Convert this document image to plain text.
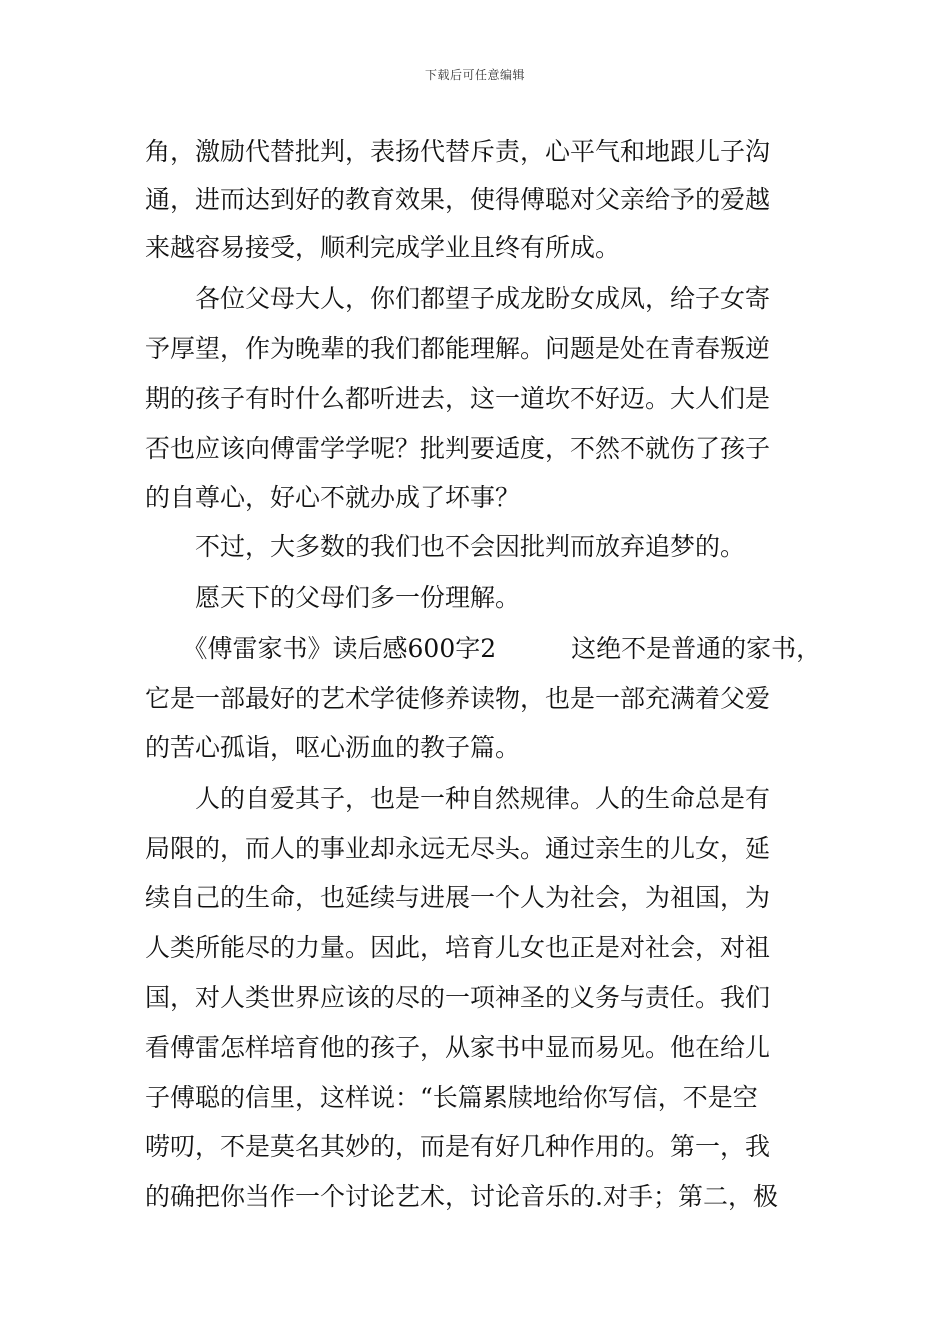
下载后可任意编辑
角，激励代替批判，表扬代替斥责，心平气和地跟儿子沟
通，进而达到好的教育效果，使得傅聪对父亲给予的爱越
来越容易接受，顺利完成学业且终有所成。
　　各位父母大人，你们都望子成龙盼女成凤，给子女寄
予厚望，作为晚辈的我们都能理解。问题是处在青春叛逆
期的孩子有时什么都听进去，这一道坎不好迈。大人们是
否也应该向傅雷学学呢？批判要适度，不然不就伤了孩子
的自尊心，好心不就办成了坏事？
　　不过，大多数的我们也不会因批判而放弃追梦的。
　　愿天下的父母们多一份理解。
　　《傅雷家书》读后感600字2　　　这绝不是普通的家书，
它是一部最好的艺术学徒修养读物，也是一部充满着父爱
的苦心孤诣，呕心沥血的教子篇。
　　人的自爱其子，也是一种自然规律。人的生命总是有
局限的，而人的事业却永远无尽头。通过亲生的儿女，延
续自己的生命，也延续与进展一个人为社会，为祖国，为
人类所能尽的力量。因此，培育儿女也正是对社会，对祖
国，对人类世界应该的尽的一项神圣的义务与责任。我们
看傅雷怎样培育他的孩子，从家书中显而易见。他在给儿
子傅聪的信里，这样说：“长篇累牍地给你写信，不是空
唠叨，不是莫名其妙的，而是有好几种作用的。第一，我
的确把你当作一个讨论艺术，讨论音乐的.对手；第二，极
